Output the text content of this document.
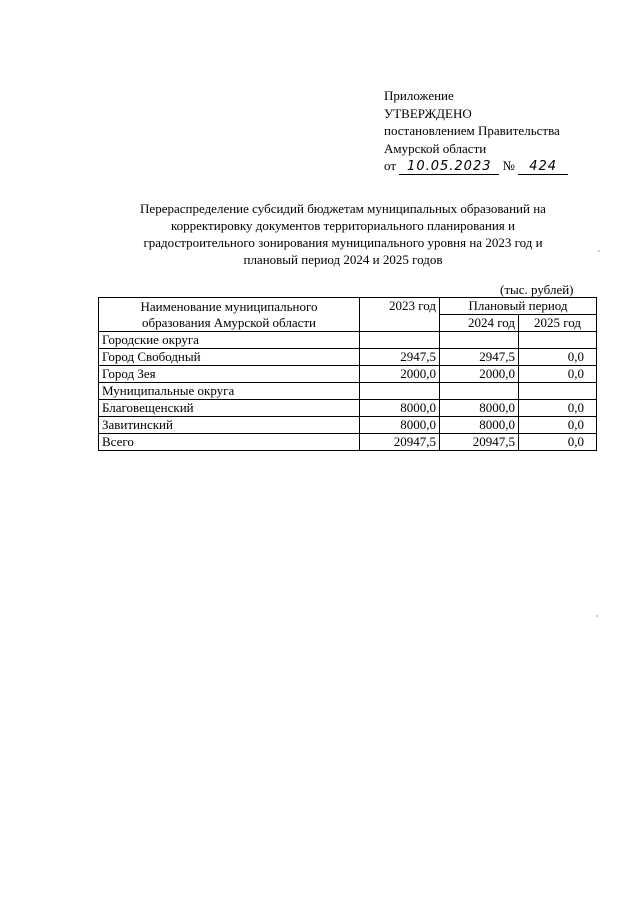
Приложение
УТВЕРЖДЕНО
постановлением Правительства
Амурской области
от 10.05.2023 № 424
Перераспределение субсидий бюджетам муниципальных образований на
корректировку документов территориального планирования и
градостроительного зонирования муниципального уровня на 2023 год и
плановый период 2024 и 2025 годов
(тыс. рублей)
Наименование муниципального
образования Амурской области	2023 год	Плановый период	
		2024 год	2025 год
Городские округа			
Город Свободный	2947,5	2947,5	0,0
Город Зея	2000,0	2000,0	0,0
Муниципальные округа			
Благовещенский	8000,0	8000,0	0,0
Завитинский	8000,0	8000,0	0,0
Всего	20947,5	20947,5	0,0
